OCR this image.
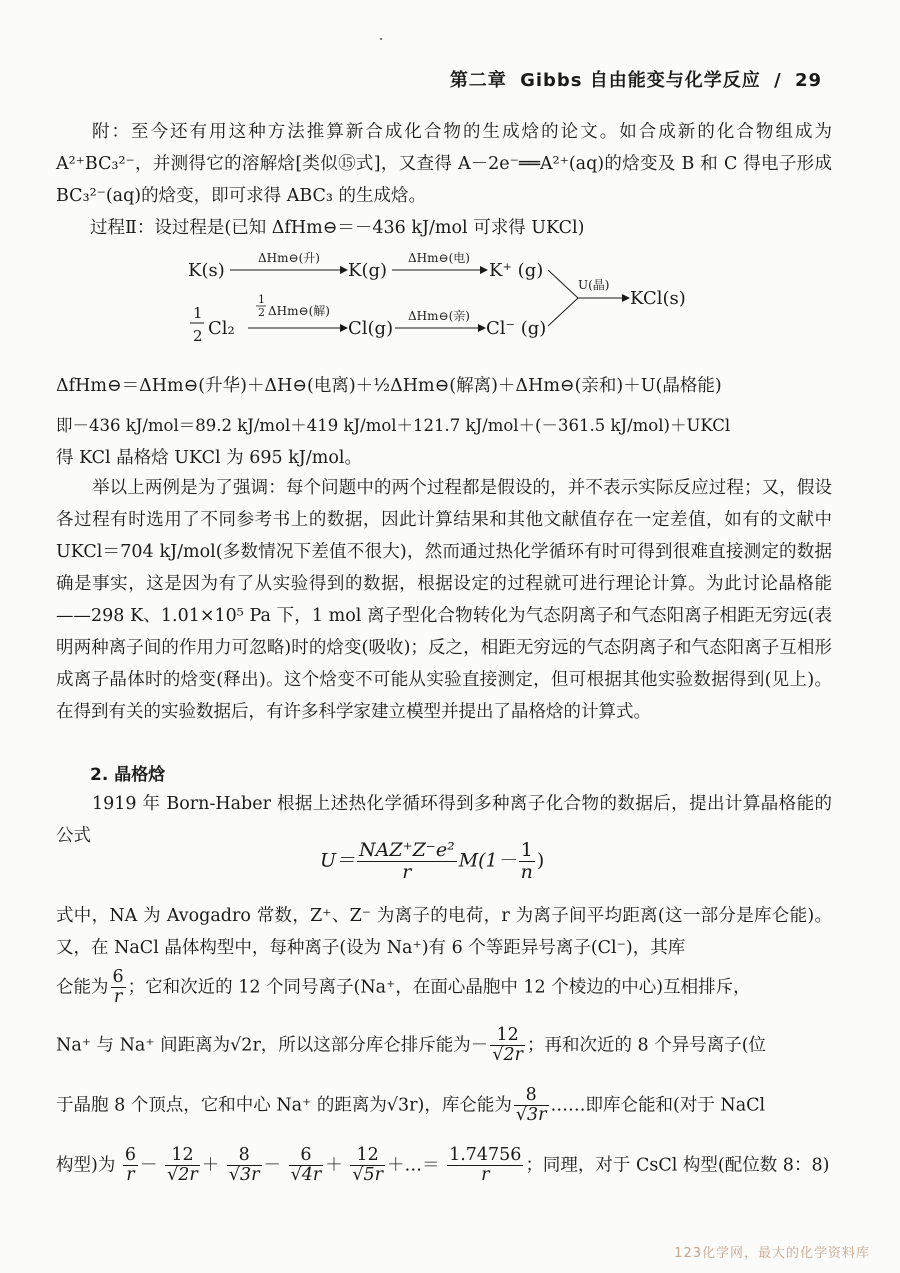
第二章 Gibbs 自由能变与化学反应 / 29
附：至今还有用这种方法推算新合成化合物的生成焓的论文。如合成新的化合物组成为 A²⁺BC₃²⁻，并测得它的溶解焓[类似⑮式]，又查得 A－2e⁻══A²⁺(aq)的焓变及 B 和 C 得电子形成 BC₃²⁻(aq)的焓变，即可求得 ABC₃ 的生成焓。
过程Ⅱ：设过程是(已知 ΔfHm⊖＝－436 kJ/mol 可求得 UKCl)
K(s)
ΔHm⊖(升)
K(g)
ΔHm⊖(电)
K⁺ (g)
U(晶)
KCl(s)
1
2 Cl₂
1
2 ΔHm⊖(解)
Cl(g)
ΔHm⊖(亲)
Cl⁻ (g)
ΔfHm⊖＝ΔHm⊖(升华)＋ΔH⊖(电离)＋½ΔHm⊖(解离)＋ΔHm⊖(亲和)＋U(晶格能)
即－436 kJ/mol＝89.2 kJ/mol＋419 kJ/mol＋121.7 kJ/mol＋(－361.5 kJ/mol)＋UKCl
得 KCl 晶格焓 UKCl 为 695 kJ/mol。
举以上两例是为了强调：每个问题中的两个过程都是假设的，并不表示实际反应过程；又，假设各过程有时选用了不同参考书上的数据，因此计算结果和其他文献值存在一定差值，如有的文献中 UKCl＝704 kJ/mol(多数情况下差值不很大)，然而通过热化学循环有时可得到很难直接测定的数据确是事实，这是因为有了从实验得到的数据，根据设定的过程就可进行理论计算。为此讨论晶格能——298 K、1.01×10⁵ Pa 下，1 mol 离子型化合物转化为气态阴离子和气态阳离子相距无穷远(表明两种离子间的作用力可忽略)时的焓变(吸收)；反之，相距无穷远的气态阴离子和气态阳离子互相形成离子晶体时的焓变(释出)。这个焓变不可能从实验直接测定，但可根据其他实验数据得到(见上)。在得到有关的实验数据后，有许多科学家建立模型并提出了晶格焓的计算式。
2. 晶格焓
1919 年 Born-Haber 根据上述热化学循环得到多种离子化合物的数据后，提出计算晶格能的公式
$U= \frac{\text{NAZ⁺Z⁻e²}}{r} M(1- \frac{1}{n}$ )
式中，NA 为 Avogadro 常数，Z⁺、Z⁻ 为离子的电荷，r 为离子间平均距离(这一部分是库仑能)。又，在 NaCl 晶体构型中，每种离子(设为 Na⁺)有 6 个等距异号离子(Cl⁻)，其库
仑能为 $\frac{6}{r}$ ；它和次近的 12 个同号离子(Na⁺，在面心晶胞中 12 个棱边的中心)互相排斥，
Na⁺ 与 Na⁺ 间距离为√2r，所以这部分库仑排斥能为－ $\frac{12}{√2r}$ ；再和次近的 8 个异号离子(位
于晶胞 8 个顶点，它和中心 Na⁺ 的距离为√3r)，库仑能为 $\frac{8}{√3r}$ ……即库仑能和(对于 NaCl
构型)为 $\frac{6}{r} - \frac{12}{√2r} + \frac{8}{√3r} - \frac{6}{√4r} + \frac{12}{√5r}$ ＋…＝ $\frac{1.74756}{r}$ ；同理，对于 CsCl 构型(配位数 8：8)
123化学网，最大的化学资料库
